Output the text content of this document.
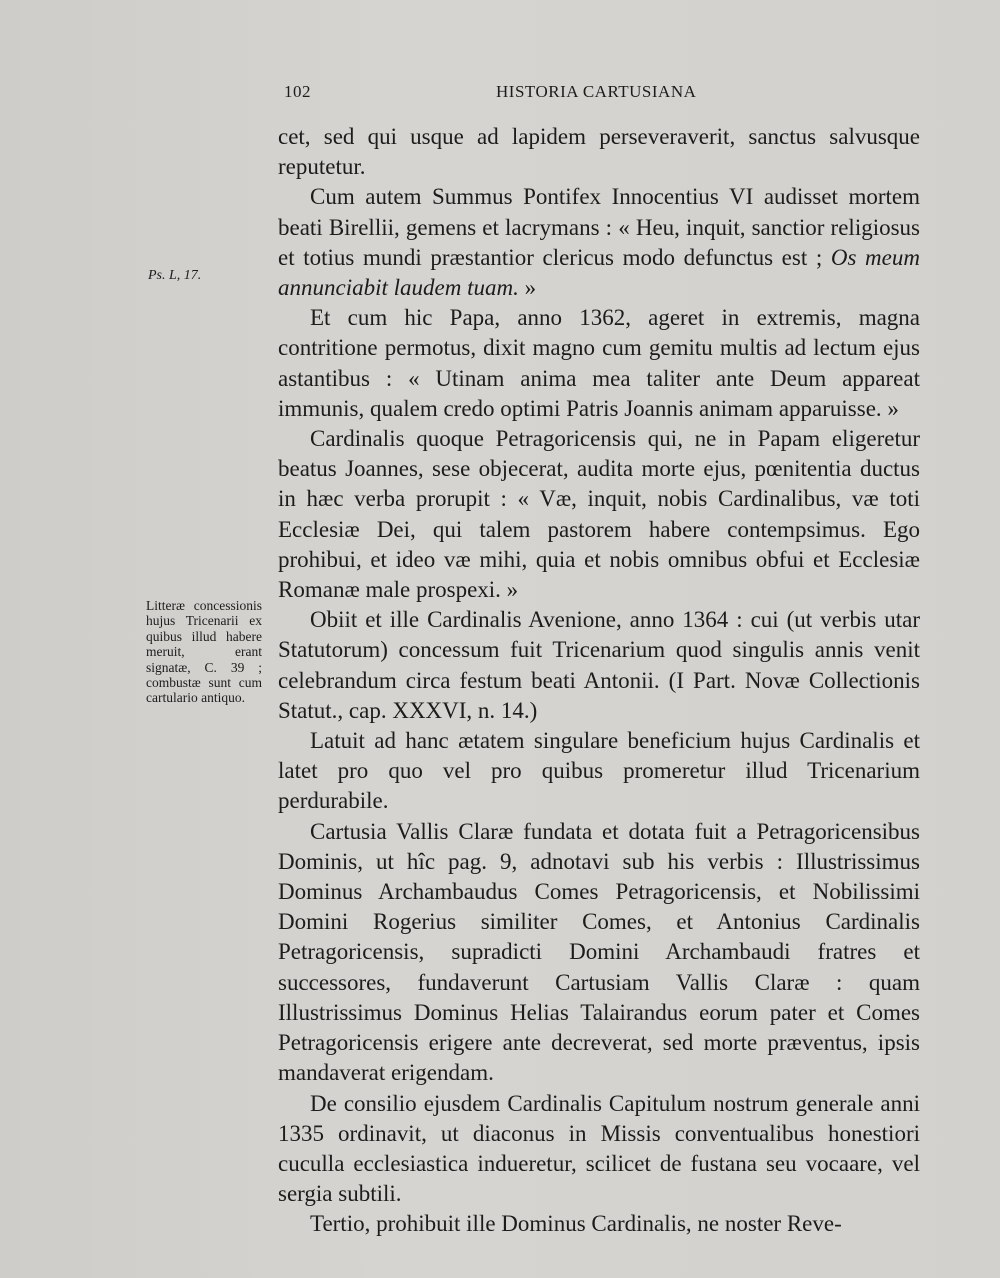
102	HISTORIA CARTUSIANA
Ps. L, 17.
Litteræ concessionis hujus Tricenarii ex quibus illud habere meruit, erant signatæ, C. 39 ; combustæ sunt cum cartulario antiquo.

cet, sed qui usque ad lapidem perseveraverit, sanctus salvusque reputetur.

Cum autem Summus Pontifex Innocentius VI audisset mortem beati Birellii, gemens et lacrymans : « Heu, inquit, sanctior religiosus et totius mundi præstantior clericus modo defunctus est ; Os meum annunciabit laudem tuam. »

Et cum hic Papa, anno 1362, ageret in extremis, magna contritione permotus, dixit magno cum gemitu multis ad lectum ejus astantibus : « Utinam anima mea taliter ante Deum appareat immunis, qualem credo optimi Patris Joannis animam apparuisse. »

Cardinalis quoque Petragoricensis qui, ne in Papam eligeretur beatus Joannes, sese objecerat, audita morte ejus, pœnitentia ductus in hæc verba prorupit : « Væ, inquit, nobis Cardinalibus, væ toti Ecclesiæ Dei, qui talem pastorem habere contempsimus. Ego prohibui, et ideo væ mihi, quia et nobis omnibus obfui et Ecclesiæ Romanæ male prospexi. »

Obiit et ille Cardinalis Avenione, anno 1364 : cui (ut verbis utar Statutorum) concessum fuit Tricenarium quod singulis annis venit celebrandum circa festum beati Antonii. (I Part. Novæ Collectionis Statut., cap. XXXVI, n. 14.)

Latuit ad hanc ætatem singulare beneficium hujus Cardinalis et latet pro quo vel pro quibus promeretur illud Tricenarium perdurabile.

Cartusia Vallis Claræ fundata et dotata fuit a Petragoricensibus Dominis, ut hîc pag. 9, adnotavi sub his verbis : Illustrissimus Dominus Archambaudus Comes Petragoricensis, et Nobilissimi Domini Rogerius similiter Comes, et Antonius Cardinalis Petragoricensis, supradicti Domini Archambaudi fratres et successores, fundaverunt Cartusiam Vallis Claræ : quam Illustrissimus Dominus Helias Talairandus eorum pater et Comes Petragoricensis erigere ante decreverat, sed morte præventus, ipsis mandaverat erigendam.

De consilio ejusdem Cardinalis Capitulum nostrum generale anni 1335 ordinavit, ut diaconus in Missis conventualibus honestiori cuculla ecclesiastica indueretur, scilicet de fustana seu vocaare, vel sergia subtili.

Tertio, prohibuit ille Dominus Cardinalis, ne noster Reve-
